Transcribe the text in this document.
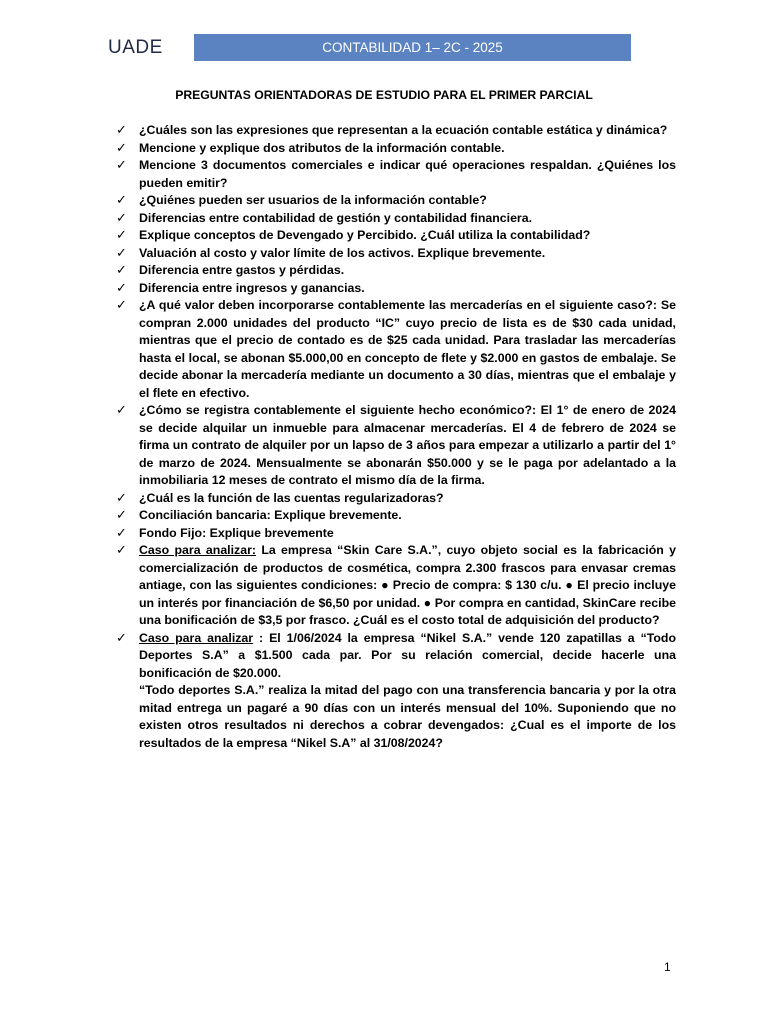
UADE	CONTABILIDAD 1– 2C - 2025
PREGUNTAS ORIENTADORAS DE ESTUDIO PARA EL PRIMER PARCIAL
✓ ¿Cuáles son las expresiones que representan a la ecuación contable estática y dinámica?
✓ Mencione y explique dos atributos de la información contable.
✓ Mencione 3 documentos comerciales e indicar qué operaciones respaldan. ¿Quiénes los pueden emitir?
✓ ¿Quiénes pueden ser usuarios de la información contable?
✓ Diferencias entre contabilidad de gestión y contabilidad financiera.
✓ Explique conceptos de Devengado y Percibido. ¿Cuál utiliza la contabilidad?
✓ Valuación al costo y valor límite de los activos. Explique brevemente.
✓ Diferencia entre gastos y pérdidas.
✓ Diferencia entre ingresos y ganancias.
✓ ¿A qué valor deben incorporarse contablemente las mercaderías en el siguiente caso?: Se compran 2.000 unidades del producto “IC” cuyo precio de lista es de $30 cada unidad, mientras que el precio de contado es de $25 cada unidad. Para trasladar las mercaderías hasta el local, se abonan $5.000,00 en concepto de flete y $2.000 en gastos de embalaje. Se decide abonar la mercadería mediante un documento a 30 días, mientras que el embalaje y el flete en efectivo.
✓ ¿Cómo se registra contablemente el siguiente hecho económico?: El 1° de enero de 2024 se decide alquilar un inmueble para almacenar mercaderías. El 4 de febrero de 2024 se firma un contrato de alquiler por un lapso de 3 años para empezar a utilizarlo a partir del 1° de marzo de 2024. Mensualmente se abonarán $50.000 y se le paga por adelantado a la inmobiliaria 12 meses de contrato el mismo día de la firma.
✓ ¿Cuál es la función de las cuentas regularizadoras?
✓ Conciliación bancaria: Explique brevemente.
✓ Fondo Fijo: Explique brevemente
✓ Caso para analizar: La empresa “Skin Care S.A.”, cuyo objeto social es la fabricación y comercialización de productos de cosmética, compra 2.300 frascos para envasar cremas antiage, con las siguientes condiciones: ● Precio de compra: $ 130 c/u. ● El precio incluye un interés por financiación de $6,50 por unidad. ● Por compra en cantidad, SkinCare recibe una bonificación de $3,5 por frasco. ¿Cuál es el costo total de adquisición del producto?
✓ Caso para analizar : El 1/06/2024 la empresa “Nikel S.A.” vende 120 zapatillas a “Todo Deportes S.A” a $1.500 cada par. Por su relación comercial, decide hacerle una bonificación de $20.000.
“Todo deportes S.A.” realiza la mitad del pago con una transferencia bancaria y por la otra mitad entrega un pagaré a 90 días con un interés mensual del 10%. Suponiendo que no existen otros resultados ni derechos a cobrar devengados: ¿Cual es el importe de los resultados de la empresa “Nikel S.A” al 31/08/2024?
1
